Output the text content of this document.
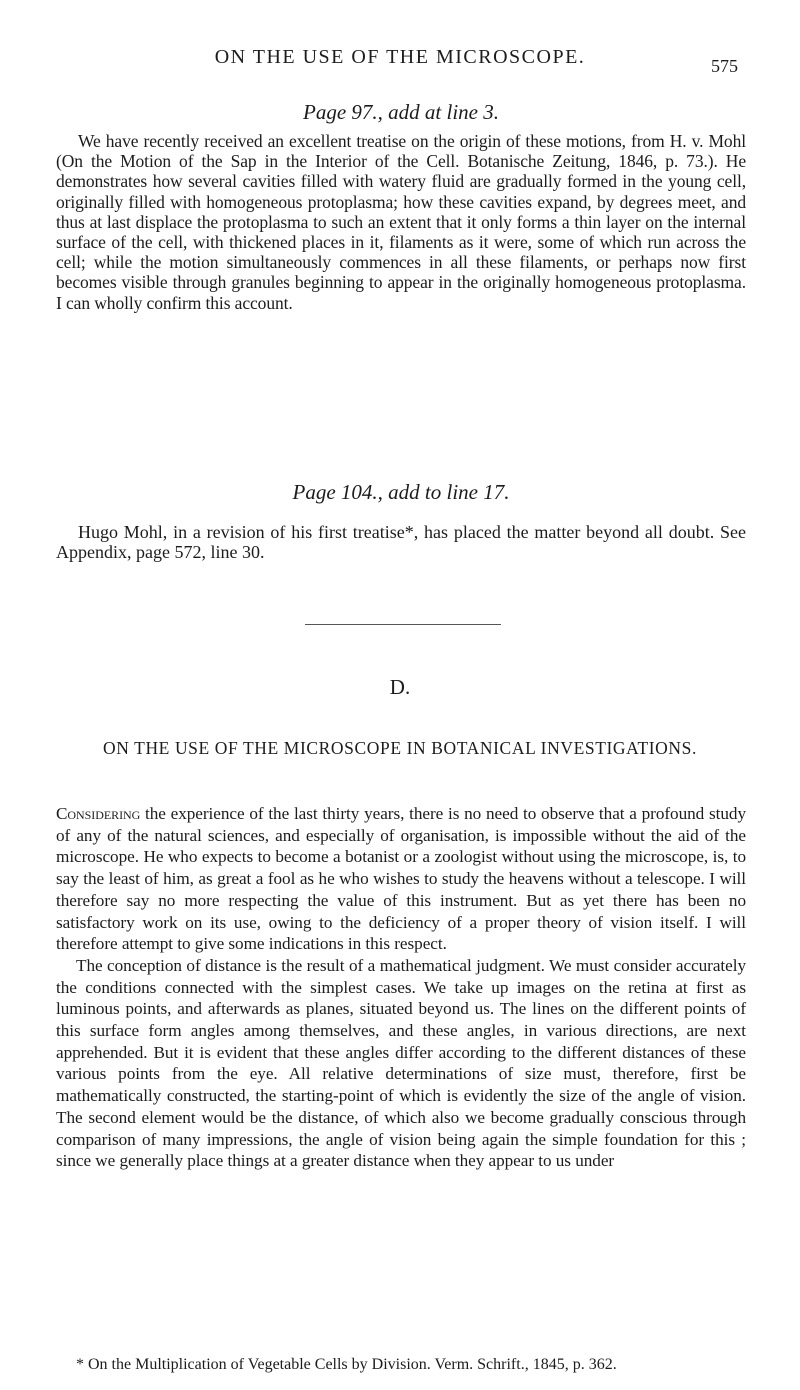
ON THE USE OF THE MICROSCOPE.	575
Page 97., add at line 3.

We have recently received an excellent treatise on the origin of these motions, from H. v. Mohl (On the Motion of the Sap in the Interior of the Cell. Botanische Zeitung, 1846, p. 73.). He demonstrates how several cavities filled with watery fluid are gradually formed in the young cell, originally filled with homogeneous protoplasma; how these cavities expand, by degrees meet, and thus at last displace the protoplasma to such an extent that it only forms a thin layer on the internal surface of the cell, with thickened places in it, filaments as it were, some of which run across the cell; while the motion simultaneously commences in all these filaments, or perhaps now first becomes visible through granules beginning to appear in the originally homogeneous protoplasma. I can wholly confirm this account.

Page 104., add to line 17.

Hugo Mohl, in a revision of his first treatise*, has placed the matter beyond all doubt. See Appendix, page 572, line 30.

D.
ON THE USE OF THE MICROSCOPE IN BOTANICAL INVESTIGATIONS.

Considering the experience of the last thirty years, there is no need to observe that a profound study of any of the natural sciences, and especially of organisation, is impossible without the aid of the microscope. He who expects to become a botanist or a zoologist without using the microscope, is, to say the least of him, as great a fool as he who wishes to study the heavens without a telescope. I will therefore say no more respecting the value of this instrument. But as yet there has been no satisfactory work on its use, owing to the deficiency of a proper theory of vision itself. I will therefore attempt to give some indications in this respect.

The conception of distance is the result of a mathematical judgment. We must consider accurately the conditions connected with the simplest cases. We take up images on the retina at first as luminous points, and afterwards as planes, situated beyond us. The lines on the different points of this surface form angles among themselves, and these angles, in various directions, are next apprehended. But it is evident that these angles differ according to the different distances of these various points from the eye. All relative determinations of size must, therefore, first be mathematically constructed, the starting-point of which is evidently the size of the angle of vision. The second element would be the distance, of which also we become gradually conscious through comparison of many impressions, the angle of vision being again the simple foundation for this ; since we generally place things at a greater distance when they appear to us under

* On the Multiplication of Vegetable Cells by Division. Verm. Schrift., 1845, p. 362.
